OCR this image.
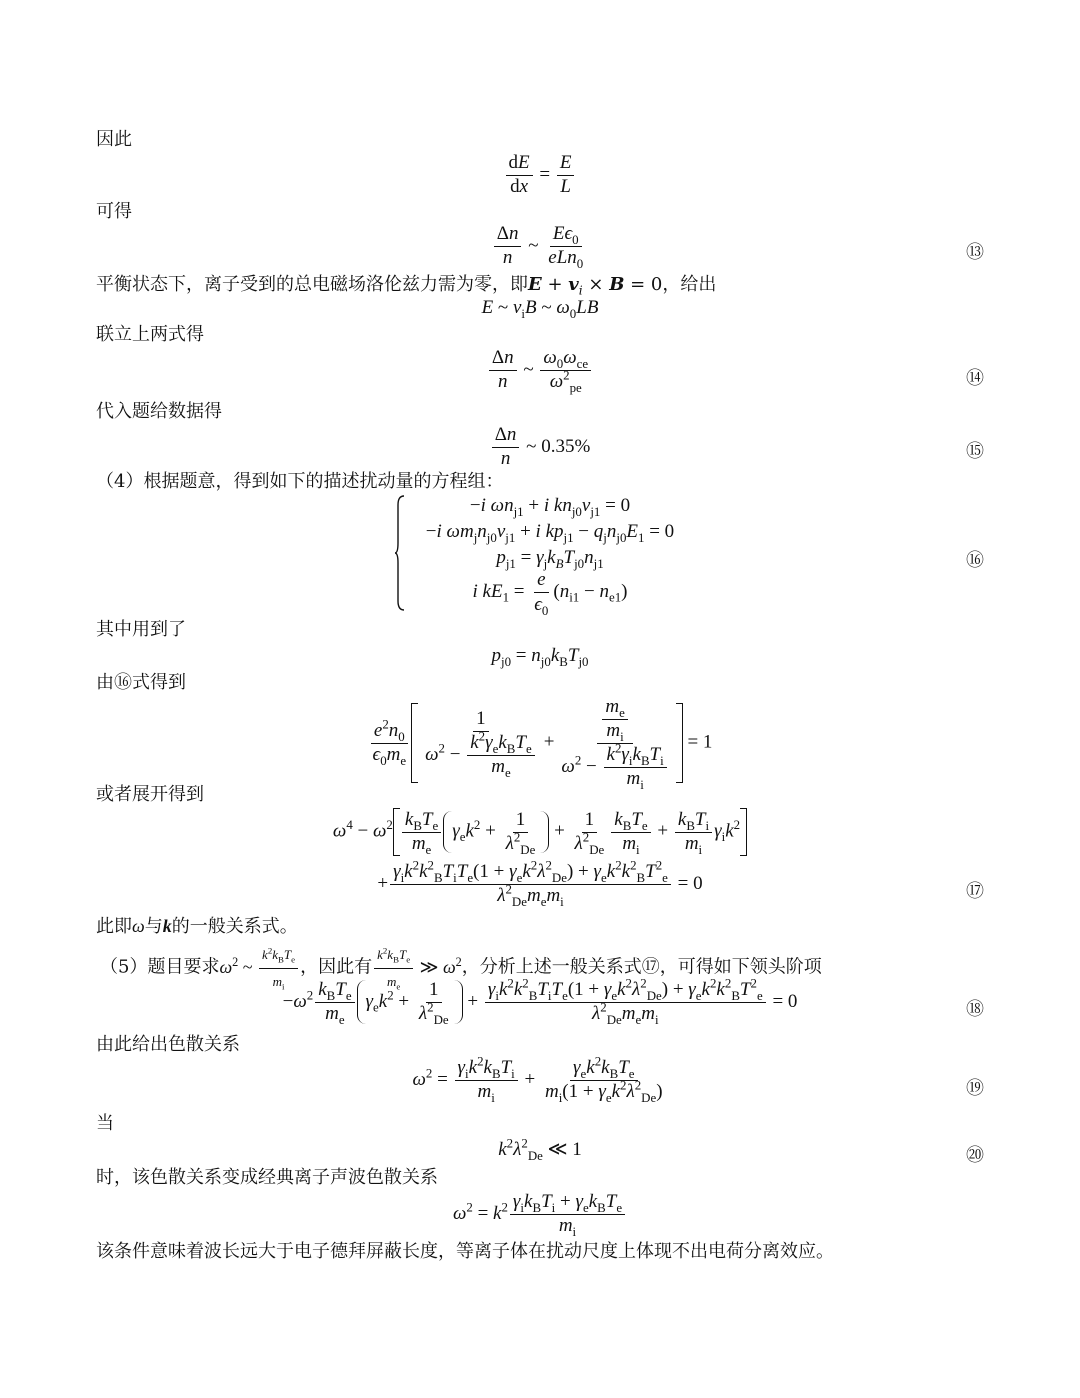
因此
$\frac{dE}{dx} = \frac{E}{L}$
可得
$\frac{\Delta n}{n}$ ~ $\frac{E\epsilon_0}{eLn_0}$	⑬
平衡状态下，离子受到的总电磁场洛伦兹力需为零，即$E + v_i \times B = 0$，给出
E ~ $v_iB$ ~ $\omega_0LB$
联立上两式得
$\frac{\Delta n}{n}$ ~ $\frac{\omega_0\omega_{ce}}{\omega^2_{pe}}$	⑭
代入题给数据得
$\frac{\Delta n}{n}$ ~ 0.35%	⑮
（4）根据题意，得到如下的描述扰动量的方程组：
−i $\omega n_{j1} + i$ $kn_{j0}v_{j1} = 0$
−i $\omega m_jn_{j0}v_{j1} + i$ $kp_{j1} - q_jn_{j0}E_1 = 0$
$p_{j1} = \gamma_jk_BT_{j0}n_{j1}$
i $kE_1 = \frac{e}{\epsilon_0} (n_{i1} - n_{e1})$
⑯
其中用到了
$p_{j0} = n_{j0}k_BT_{j0}$
由⑯式得到
$\frac{e^2n_0}{\epsilon_0m_e} \frac{1}{\omega^2 - \frac{k^2\gamma_ek_BT_e}{m_e}} + \frac{\frac{m_e}{m_i}}{\omega^2 - \frac{k^2\gamma_ik_BT_i}{m_i}} = 1$
或者展开得到
$\omega^4 - \omega^2 \frac{k_BT_e}{m_e} \gamma_ek^2 + \frac{1}{\lambda^2_{De}} + \frac{1}{\lambda^2_{De}} \frac{k_BT_e}{m_i} + \frac{k_BT_i}{m_i} \gamma_ik^2$
+ $\frac{\gamma_ik^2k^2_BT_iT_e(1 + \gamma_ek^2\lambda^2_{De}) + \gamma_ek^2k^2_BT^2_e}{\lambda^2_{De}m_em_i} = 0$	⑰
此即ω与k的一般关系式。
（5）题目要求$\omega^2$ ~ $\frac{k^2k_BT_e}{m_i}$ ，因此有 $\frac{k^2k_BT_e}{m_e}$ ≫ $\omega^2$，分析上述一般关系式⑰，可得如下领头阶项
$-\omega^2 \frac{k_BT_e}{m_e} \gamma_ek^2 + \frac{1}{\lambda^2_{De}} + \frac{\gamma_ik^2k^2_BT_iT_e(1 + \gamma_ek^2\lambda^2_{De}) + \gamma_ek^2k^2_BT^2_e}{\lambda^2_{De}m_em_i} = 0$	⑱
由此给出色散关系
$\omega^2 = \frac{\gamma_ik^2k_BT_i}{m_i} + \frac{\gamma_ek^2k_BT_e}{m_i(1 + \gamma_ek^2\lambda^2_{De})}$	⑲
当
$k^2\lambda^2_{De}$ ≪ 1	⑳
时，该色散关系变成经典离子声波色散关系
$\omega^2 = k^2 \frac{\gamma_ik_BT_i + \gamma_ek_BT_e}{m_i}$
该条件意味着波长远大于电子德拜屏蔽长度，等离子体在扰动尺度上体现不出电荷分离效应。
